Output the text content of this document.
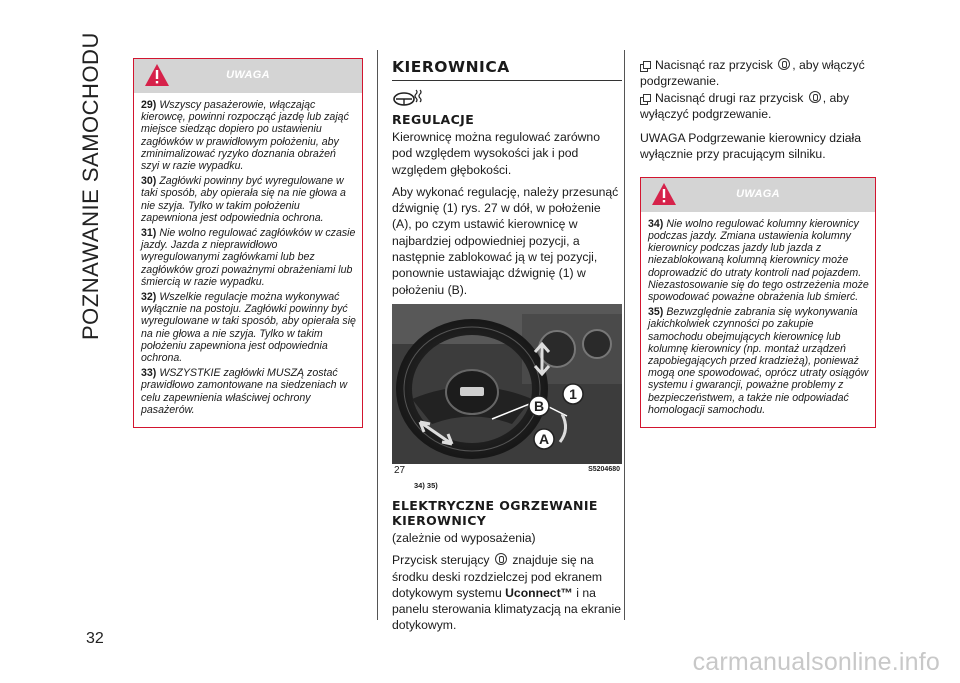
POZNAWANIE SAMOCHODU
32
UWAGA

29) Wszyscy pasażerowie, włączając kierowcę, powinni rozpocząć jazdę lub zająć miejsce siedząc dopiero po ustawieniu zagłówków w prawidłowym położeniu, aby zminimalizować ryzyko doznania obrażeń szyi w razie wypadku.

30) Zagłówki powinny być wyregulowane w taki sposób, aby opierała się na nie głowa a nie szyja. Tylko w takim położeniu zapewniona jest odpowiednia ochrona.

31) Nie wolno regulować zagłówków w czasie jazdy. Jazda z nieprawidłowo wyregulowanymi zagłówkami lub bez zagłówków grozi poważnymi obrażeniami lub śmiercią w razie wypadku.

32) Wszelkie regulacje można wykonywać wyłącznie na postoju. Zagłówki powinny być wyregulowane w taki sposób, aby opierała się na nie głowa a nie szyja. Tylko w takim położeniu zapewniona jest odpowiednia ochrona.

33) WSZYSTKIE zagłówki MUSZĄ zostać prawidłowo zamontowane na siedzeniach w celu zapewnienia właściwej ochrony pasażerów.

KIEROWNICA
REGULACJE

Kierownicę można regulować zarówno pod względem wysokości jak i pod względem głębokości.

Aby wykonać regulację, należy przesunąć dźwignię (1) rys. 27 w dół, w położenie (A), po czym ustawić kierownicę w najbardziej odpowiedniej pozycji, a następnie zablokować ją w tej pozycji, ponownie ustawiając dźwignię (1) w położeniu (B).

B
1
A
27	S5204680
34) 35)
ELEKTRYCZNE OGRZEWANIE
KIEROWNICY

(zależnie od wyposażenia)

Przycisk sterujący znajduje się na środku deski rozdzielczej pod ekranem dotykowym systemu Uconnect™ i na panelu sterowania klimatyzacją na ekranie dotykowym.

Nacisnąć raz przycisk , aby włączyć podgrzewanie.

Nacisnąć drugi raz przycisk , aby wyłączyć podgrzewanie.

UWAGA Podgrzewanie kierownicy działa wyłącznie przy pracującym silniku.

UWAGA

34) Nie wolno regulować kolumny kierownicy podczas jazdy. Zmiana ustawienia kolumny kierownicy podczas jazdy lub jazda z niezablokowaną kolumną kierownicy może doprowadzić do utraty kontroli nad pojazdem. Niezastosowanie się do tego ostrzeżenia może spowodować poważne obrażenia lub śmierć.

35) Bezwzględnie zabrania się wykonywania jakichkolwiek czynności po zakupie samochodu obejmujących kierownicę lub kolumnę kierownicy (np. montaż urządzeń zapobiegających przed kradzieżą), ponieważ mogą one spowodować, oprócz utraty osiągów systemu i gwarancji, poważne problemy z bezpieczeństwem, a także nie odpowiadać homologacji samochodu.

carmanualsonline.info
